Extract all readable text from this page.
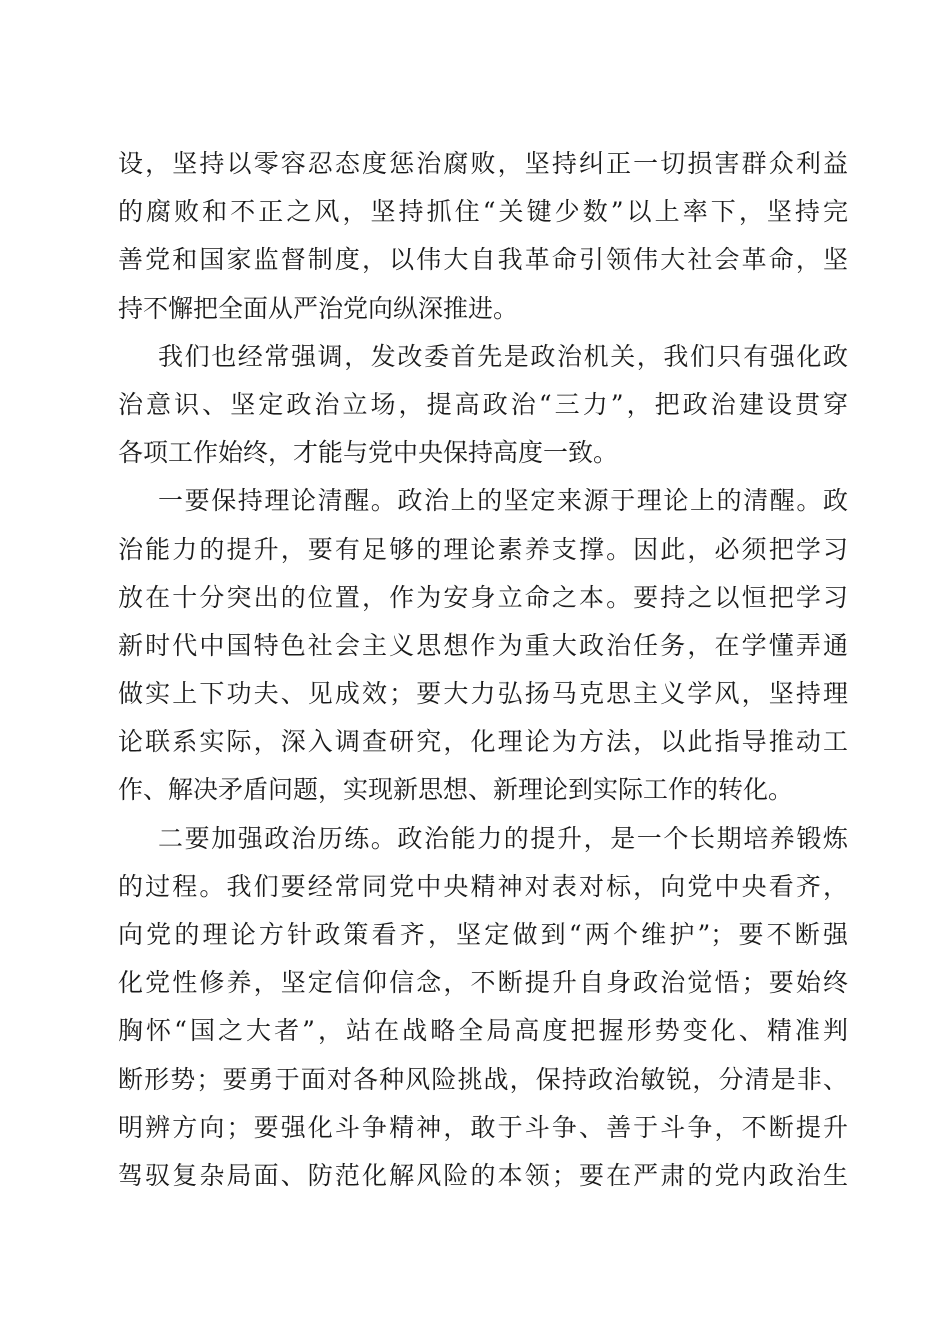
设，坚持以零容忍态度惩治腐败，坚持纠正一切损害群众利益
的腐败和不正之风，坚持抓住“关键少数”以上率下，坚持完
善党和国家监督制度，以伟大自我革命引领伟大社会革命，坚
持不懈把全面从严治党向纵深推进。
我们也经常强调，发改委首先是政治机关，我们只有强化政
治意识、坚定政治立场，提高政治“三力”，把政治建设贯穿
各项工作始终，才能与党中央保持高度一致。
一要保持理论清醒。政治上的坚定来源于理论上的清醒。政
治能力的提升，要有足够的理论素养支撑。因此，必须把学习
放在十分突出的位置，作为安身立命之本。要持之以恒把学习
新时代中国特色社会主义思想作为重大政治任务，在学懂弄通
做实上下功夫、见成效；要大力弘扬马克思主义学风，坚持理
论联系实际，深入调查研究，化理论为方法，以此指导推动工
作、解决矛盾问题，实现新思想、新理论到实际工作的转化。
二要加强政治历练。政治能力的提升，是一个长期培养锻炼
的过程。我们要经常同党中央精神对表对标，向党中央看齐，
向党的理论方针政策看齐，坚定做到“两个维护”；要不断强
化党性修养，坚定信仰信念，不断提升自身政治觉悟；要始终
胸怀“国之大者”，站在战略全局高度把握形势变化、精准判
断形势；要勇于面对各种风险挑战，保持政治敏锐，分清是非、
明辨方向；要强化斗争精神，敢于斗争、善于斗争，不断提升
驾驭复杂局面、防范化解风险的本领；要在严肃的党内政治生
